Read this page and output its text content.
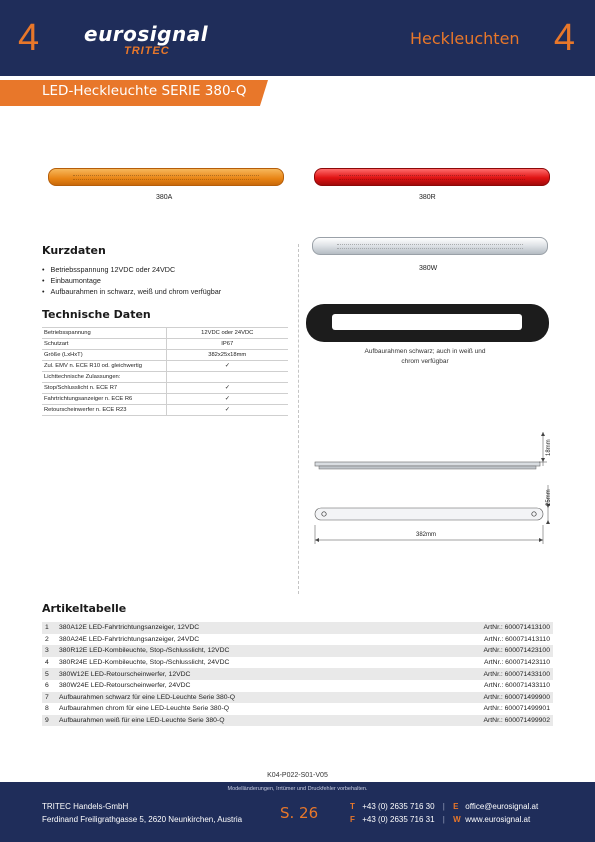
4 eurosignal
TRITEC
Heckleuchten 4
LED-Heckleuchte SERIE 380-Q
380A	380R
380W
Aufbaurahmen schwarz; auch in weiß und
chrom verfügbar
Kurzdaten
• Betriebsspannung 12VDC oder 24VDC
• Einbaumontage
• Aufbaurahmen in schwarz, weiß und chrom verfügbar
Technische Daten
Betriebsspannung	12VDC oder 24VDC
Schutzart	IP67
Größe (LxHxT)	382x25x18mm
Zul. EMV n. ECE R10 od. gleichwertig	✓
Lichttechnische Zulassungen:	
Stop/Schlusslicht n. ECE R7	✓
Fahrtrichtungsanzeiger n. ECE R6	✓
Retourscheinwerfer n. ECE R23	✓
18mm
25mm
382mm
Artikeltabelle
1	380A12E LED-Fahrtrichtungsanzeiger, 12VDC	ArtNr.: 600071413100
2	380A24E LED-Fahrtrichtungsanzeiger, 24VDC	ArtNr.: 600071413110
3	380R12E LED-Kombileuchte, Stop-/Schlusslicht, 12VDC	ArtNr.: 600071423100
4	380R24E LED-Kombileuchte, Stop-/Schlusslicht, 24VDC	ArtNr.: 600071423110
5	380W12E LED-Retourscheinwerfer, 12VDC	ArtNr.: 600071433100
6	380W24E LED-Retourscheinwerfer, 24VDC	ArtNr.: 600071433110
7	Aufbaurahmen schwarz für eine LED-Leuchte Serie 380-Q	ArtNr.: 600071499900
8	Aufbaurahmen chrom für eine LED-Leuchte Serie 380-Q	ArtNr.: 600071499901
9	Aufbaurahmen weiß für eine LED-Leuchte Serie 380-Q	ArtNr.: 600071499902
K04-P022-S01-V05
Modelländerungen, Irrtümer und Druckfehler vorbehalten.
TRITEC Handels-GmbH
Ferdinand Freiligrathgasse 5, 2620 Neunkirchen, Austria	S. 26	T +43 (0) 2635 716 30 | E office@eurosignal.at
F +43 (0) 2635 716 31 | W www.eurosignal.at
